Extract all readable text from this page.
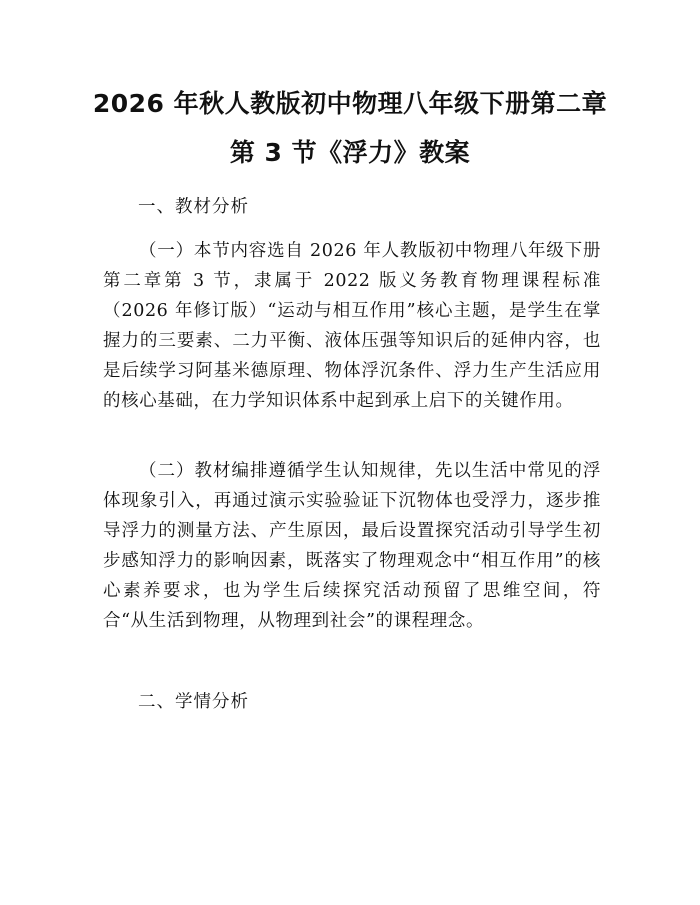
2026 年秋人教版初中物理八年级下册第二章
第 3 节《浮力》教案
一、教材分析
（一）本节内容选自 2026 年人教版初中物理八年级下册第二章第 3 节，隶属于 2022 版义务教育物理课程标准（2026 年修订版）“运动与相互作用”核心主题，是学生在掌握力的三要素、二力平衡、液体压强等知识后的延伸内容，也是后续学习阿基米德原理、物体浮沉条件、浮力生产生活应用的核心基础，在力学知识体系中起到承上启下的关键作用。
（二）教材编排遵循学生认知规律，先以生活中常见的浮体现象引入，再通过演示实验验证下沉物体也受浮力，逐步推导浮力的测量方法、产生原因，最后设置探究活动引导学生初步感知浮力的影响因素，既落实了物理观念中“相互作用”的核心素养要求，也为学生后续探究活动预留了思维空间，符合“从生活到物理，从物理到社会”的课程理念。
二、学情分析
